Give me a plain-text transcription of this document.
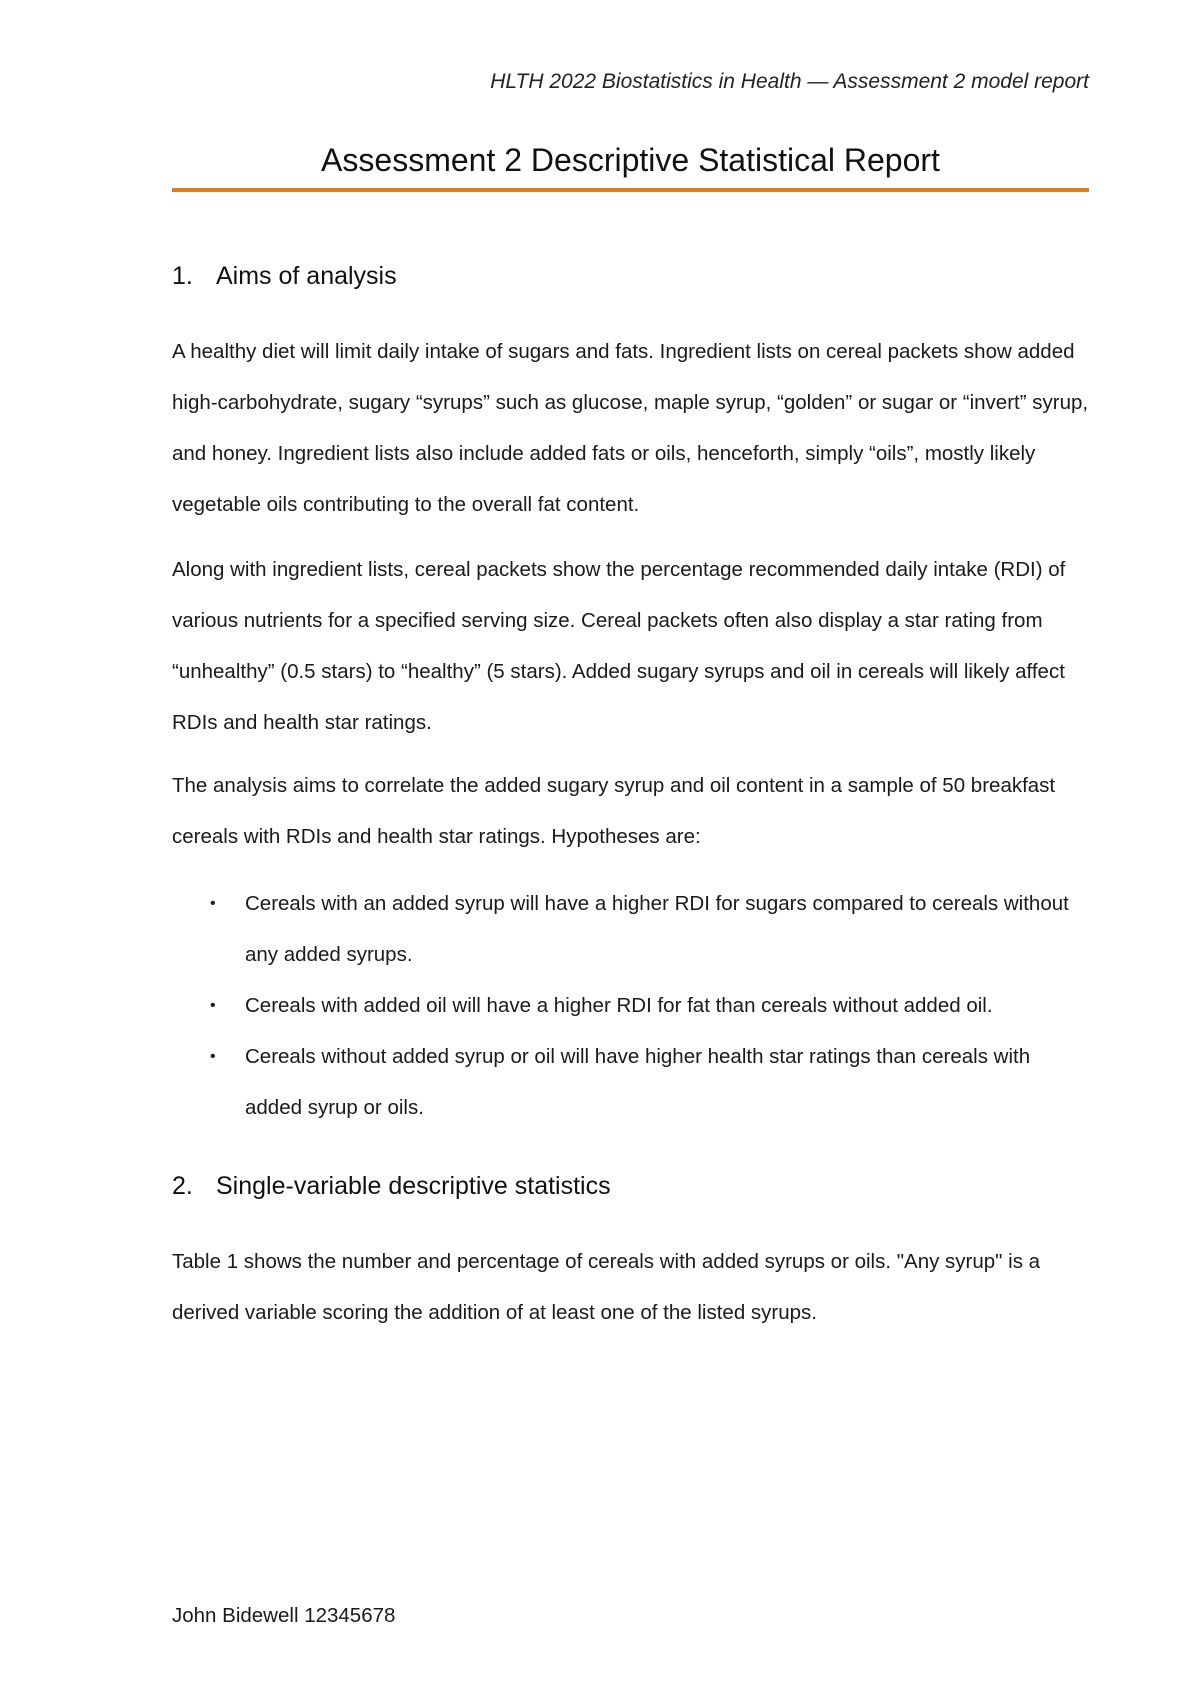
HLTH 2022 Biostatistics in Health — Assessment 2 model report
Assessment 2 Descriptive Statistical Report
1. Aims of analysis

A healthy diet will limit daily intake of sugars and fats. Ingredient lists on cereal packets show added high-carbohydrate, sugary “syrups” such as glucose, maple syrup, “golden” or sugar or “invert” syrup, and honey. Ingredient lists also include added fats or oils, henceforth, simply “oils”, mostly likely vegetable oils contributing to the overall fat content.

Along with ingredient lists, cereal packets show the percentage recommended daily intake (RDI) of various nutrients for a specified serving size. Cereal packets often also display a star rating from “unhealthy” (0.5 stars) to “healthy” (5 stars). Added sugary syrups and oil in cereals will likely affect RDIs and health star ratings.

The analysis aims to correlate the added sugary syrup and oil content in a sample of 50 breakfast cereals with RDIs and health star ratings. Hypotheses are:

• Cereals with an added syrup will have a higher RDI for sugars compared to cereals without any added syrups.
• Cereals with added oil will have a higher RDI for fat than cereals without added oil.
• Cereals without added syrup or oil will have higher health star ratings than cereals with added syrup or oils.
2. Single-variable descriptive statistics

Table 1 shows the number and percentage of cereals with added syrups or oils. "Any syrup" is a derived variable scoring the addition of at least one of the listed syrups.

John Bidewell 12345678
